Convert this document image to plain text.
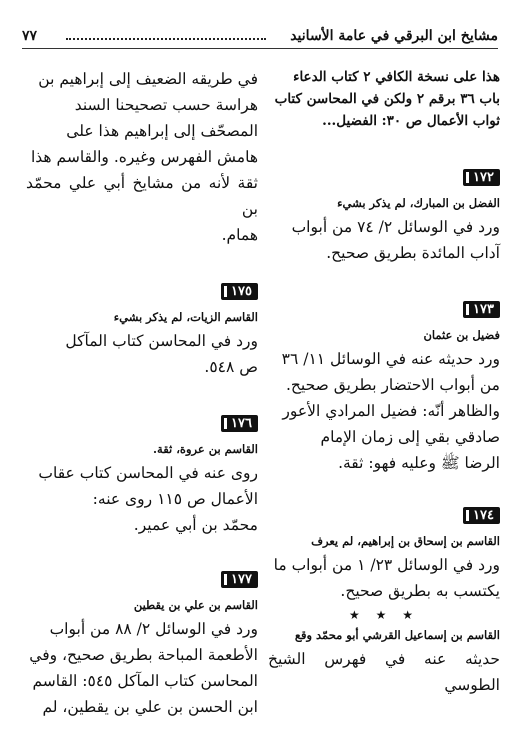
مشايخ ابن البرقي في عامة الأسانيد
٧٧

هذا على نسخة الكافي ٢ كتاب الدعاء

باب ٣٦ برقم ٢ ولكن في المحاسن كتاب

ثواب الأعمال ص ٣٠: الفضيل...

١٧٢
الفضل بن المبارك، لم يذكر بشيء

ورد في الوسائل ٢/ ٧٤ من أبواب

آداب المائدة بطريق صحيح.

١٧٣
فضيل بن عثمان

ورد حديثه عنه في الوسائل ١١/ ٣٦

من أبواب الاحتضار بطريق صحيح.

والظاهر أنّه: فضيل المرادي الأعور

صادقي بقي إلى زمان الإمام

الرضا ﷺ وعليه فهو: ثقة.

١٧٤
القاسم بن إسحاق بن إبراهيم، لم يعرف

ورد في الوسائل ٢٣/ ١ من أبواب ما

يكتسب به بطريق صحيح.

★ ★ ★
القاسم بن إسماعيل القرشي أبو محمّد وقع

حديثه عنه في فهرس الشيخ الطوسي

في طريقه الضعيف إلى إبراهيم بن

هراسة حسب تصحيحنا السند

المصحّف إلى إبراهيم هذا على

هامش الفهرس وغيره. والقاسم هذا

ثقة لأنه من مشايخ أبي علي محمّد بن

همام.

١٧٥
القاسم الزيات، لم يذكر بشيء

ورد في المحاسن كتاب المآكل

ص ٥٤٨.

١٧٦
القاسم بن عروة، ثقة.

روى عنه في المحاسن كتاب عقاب

الأعمال ص ١١٥ روى عنه:

محمّد بن أبي عمير.

١٧٧
القاسم بن علي بن يقطين

ورد في الوسائل ٢/ ٨٨ من أبواب

الأطعمة المباحة بطريق صحيح، وفي

المحاسن كتاب المآكل ٥٤٥: القاسم

ابن الحسن بن علي بن يقطين، لم
